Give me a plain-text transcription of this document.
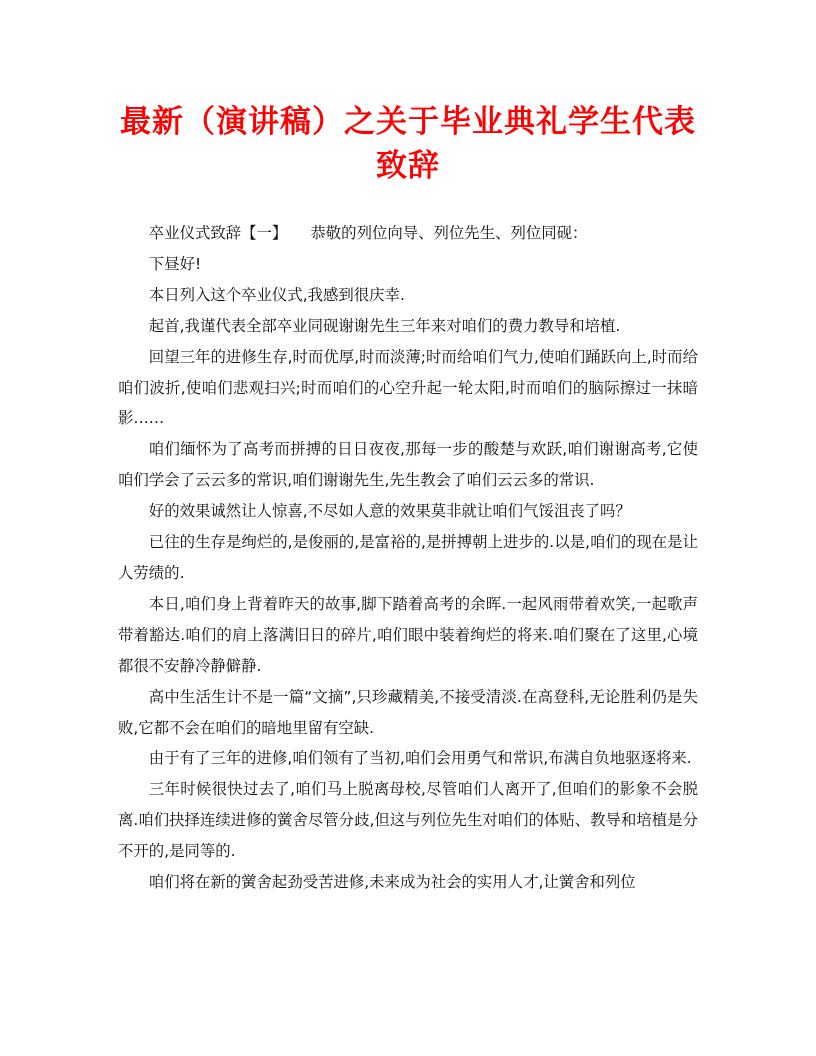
最新（演讲稿）之关于毕业典礼学生代表致辞

卒业仪式致辞【一】　　恭敬的列位向导、列位先生、列位同砚：

下昼好!

本日列入这个卒业仪式,我感到很庆幸.

起首,我谨代表全部卒业同砚谢谢先生三年来对咱们的费力教导和培植.

回望三年的进修生存,时而优厚,时而淡薄;时而给咱们气力,使咱们踊跃向上,时而给咱们波折,使咱们悲观扫兴;时而咱们的心空升起一轮太阳,时而咱们的脑际擦过一抹暗影……

咱们缅怀为了高考而拼搏的日日夜夜,那每一步的酸楚与欢跃,咱们谢谢高考,它使咱们学会了云云多的常识,咱们谢谢先生,先生教会了咱们云云多的常识.

好的效果诚然让人惊喜,不尽如人意的效果莫非就让咱们气馁沮丧了吗？

已往的生存是绚烂的,是俊丽的,是富裕的,是拼搏朝上进步的.以是,咱们的现在是让人劳绩的.

本日,咱们身上背着昨天的故事,脚下踏着高考的余晖.一起风雨带着欢笑,一起歌声带着豁达.咱们的肩上落满旧日的碎片,咱们眼中装着绚烂的将来.咱们聚在了这里,心境都很不安静冷静僻静.

高中生活生计不是一篇“文摘”,只珍藏精美,不接受清淡.在高登科,无论胜利仍是失败,它都不会在咱们的暗地里留有空缺.

由于有了三年的进修,咱们领有了当初,咱们会用勇气和常识,布满自负地驱逐将来.

三年时候很快过去了,咱们马上脱离母校,尽管咱们人离开了,但咱们的影象不会脱离.咱们抉择连续进修的黉舍尽管分歧,但这与列位先生对咱们的体贴、教导和培植是分不开的,是同等的.

咱们将在新的黉舍起劲受苦进修,未来成为社会的实用人才,让黉舍和列位
